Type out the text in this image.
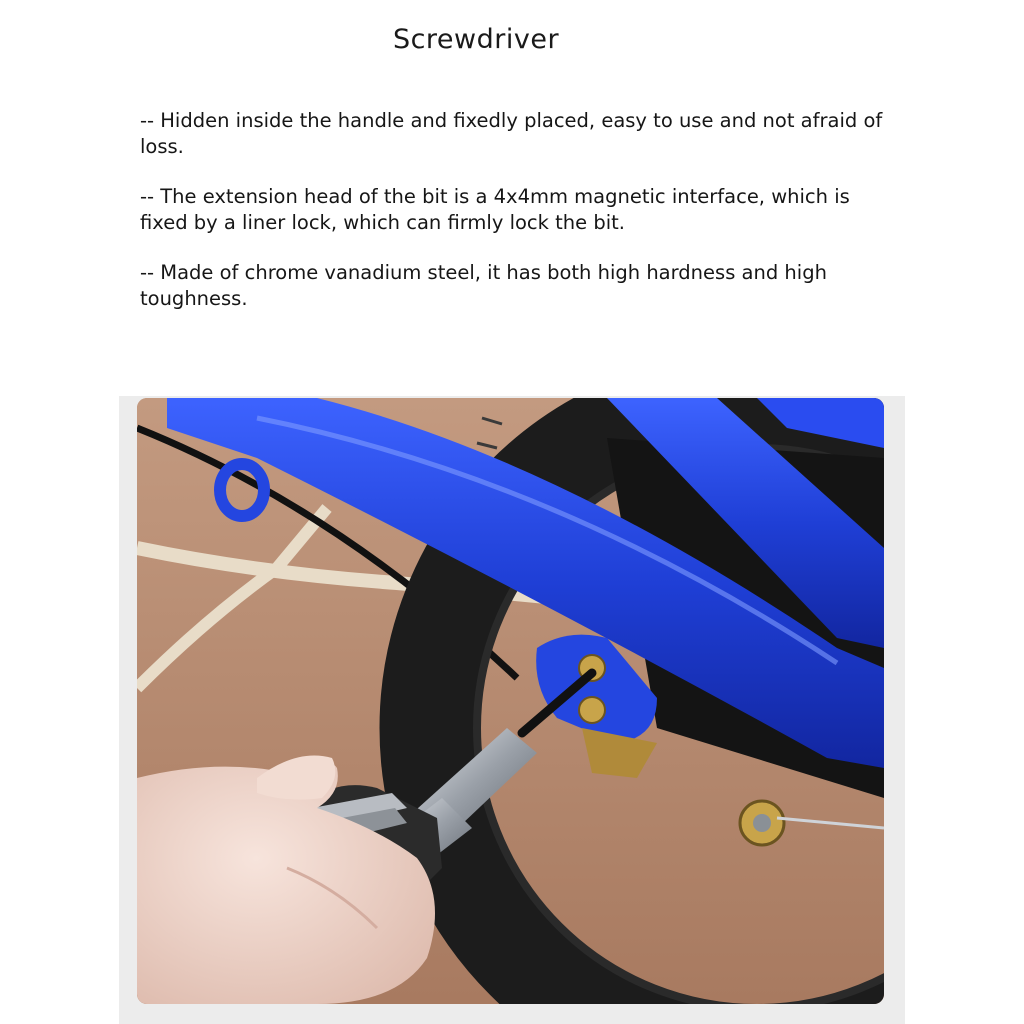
Screwdriver

-- Hidden inside the handle and fixedly placed, easy to use and not afraid of loss.

-- The extension head of the bit is a 4x4mm magnetic interface, which is fixed by a liner lock, which can firmly lock the bit.

-- Made of chrome vanadium steel, it has both high hardness and high toughness.
